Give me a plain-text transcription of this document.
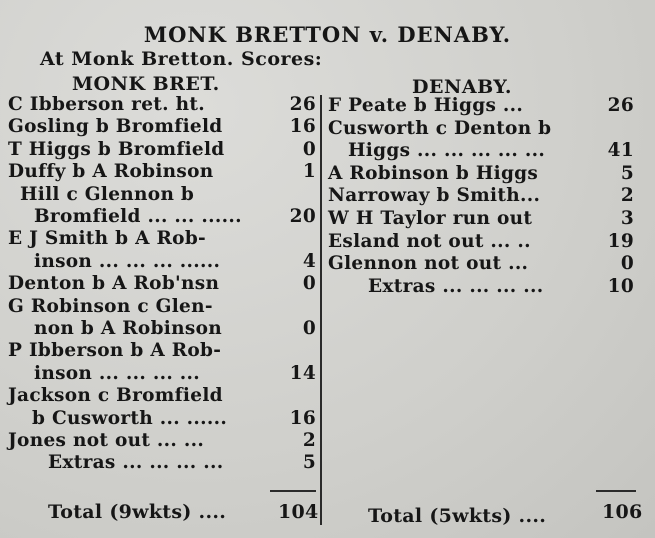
MONK BRETTON v. DENABY.
At Monk Bretton. Scores:
MONK BRET.	DENABY.
C Ibberson ret. ht.	26
Gosling b Bromfield	16
T Higgs b Bromfield	0
Duffy b A Robinson	1
Hill c Glennon b
Bromfield ... ... ......	20
E J Smith b A Rob-
inson ... ... ... ......	4
Denton b A Rob'nsn	0
G Robinson c Glen-
non b A Robinson	0
P Ibberson b A Rob-
inson ... ... ... ...	14
Jackson c Bromfield
b Cusworth ... ......	16
Jones not out ... ...	2
Extras ... ... ... ...	5
F Peate b Higgs ...	26
Cusworth c Denton b
Higgs ... ... ... ... ...	41
A Robinson b Higgs	5
Narroway b Smith...	2
W H Taylor run out	3
Esland not out ... ..	19
Glennon not out ...	0
Extras ... ... ... ...	10
Total (9wkts) ....	104	Total (5wkts) ....	106
